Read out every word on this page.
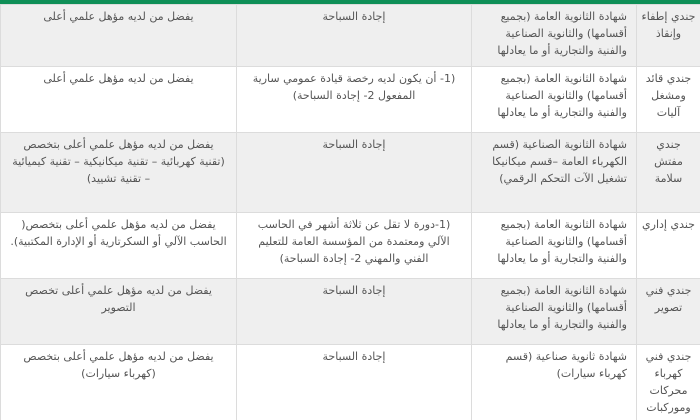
جندي إطفاء وإنقاذ	شهادة الثانوية العامة (بجميع أقسامها) والثانوية الصناعية والفنية والتجارية أو ما يعادلها	إجادة السباحة	يفضل من لديه مؤهل علمي أعلى
جندي قائد ومشغل آليات	شهادة الثانوية العامة (بجميع أقسامها) والثانوية الصناعية والفنية والتجارية أو ما يعادلها	(1- أن يكون لديه رخصة قيادة عمومي سارية المفعول 2- إجادة السباحة)	يفضل من لديه مؤهل علمي أعلى
جندي مفتش سلامة	شهادة الثانوية الصناعية (قسم الكهرباء العامة –قسم ميكانيكا تشغيل الآت التحكم الرقمي)	إجادة السباحة	يفضل من لديه مؤهل علمي أعلى بتخصص (تقنية كهربائية – تقنية ميكانيكية – تقنية كيميائية – تقنية تشييد)
جندي إداري	شهادة الثانوية العامة (بجميع أقسامها) والثانوية الصناعية والفنية والتجارية أو ما يعادلها	(1-دورة لا تقل عن ثلاثة أشهر في الحاسب الآلي ومعتمدة من المؤسسة العامة للتعليم الفني والمهني 2- إجادة السباحة)	يفضل من لديه مؤهل علمي أعلى بتخصص( الحاسب الآلي أو السكرتارية أو الإدارة المكتبية).
جندي فني تصوير	شهادة الثانوية العامة (بجميع أقسامها) والثانوية الصناعية والفنية والتجارية أو ما يعادلها	إجادة السباحة	يفضل من لديه مؤهل علمي أعلى تخصص التصوير
جندي فني كهرباء محركات وموركبات	شهادة ثانوية صناعية (قسم كهرباء سيارات)	إجادة السباحة	يفضل من لديه مؤهل علمي أعلى بتخصص (كهرباء سيارات)
